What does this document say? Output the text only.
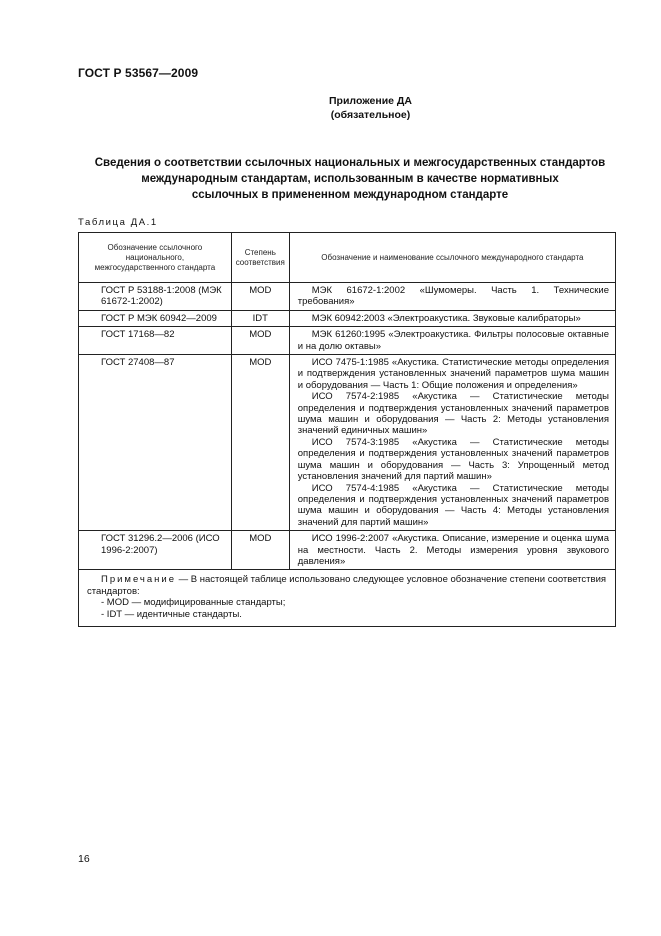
ГОСТ Р 53567—2009
Приложение ДА
(обязательное)
Сведения о соответствии ссылочных национальных и межгосударственных стандартов
международным стандартам, использованным в качестве нормативных
ссылочных в примененном международном стандарте
Таблица ДА.1
Обозначение ссылочного национального, межгосударственного стандарта	Степень соответствия	Обозначение и наименование ссылочного международного стандарта
ГОСТ Р 53188-1:2008 (МЭК 61672-1:2002)	MOD	МЭК 61672-1:2002 «Шумомеры. Часть 1. Технические требования»

ГОСТ Р МЭК 60942—2009	IDT	МЭК 60942:2003 «Электроакустика. Звуковые калибраторы»

ГОСТ 17168—82	MOD	МЭК 61260:1995 «Электроакустика. Фильтры полосовые октавные и на долю октавы»

ГОСТ 27408—87	MOD	ИСО 7475-1:1985 «Акустика. Статистические методы определения и подтверждения установленных значений параметров шума машин и оборудования — Часть 1: Общие положения и определения»
ИСО 7574-2:1985 «Акустика — Статистические методы определения и подтверждения установленных значений параметров шума машин и оборудования — Часть 2: Методы установления значений единичных машин»
ИСО 7574-3:1985 «Акустика — Статистические методы определения и подтверждения установленных значений параметров шума машин и оборудования — Часть 3: Упрощенный метод установления значений для партий машин»
ИСО 7574-4:1985 «Акустика — Статистические методы определения и подтверждения установленных значений параметров шума машин и оборудования — Часть 4: Методы установления значений для партий машин»

ГОСТ 31296.2—2006 (ИСО 1996-2:2007)	MOD	ИСО 1996-2:2007 «Акустика. Описание, измерение и оценка шума на местности. Часть 2. Методы измерения уровня звукового давления»

Примечание — В настоящей таблице использовано следующее условное обозначение степени соответствия стандартов:
- MOD — модифицированные стандарты;
- IDT — идентичные стандарты.		
16
